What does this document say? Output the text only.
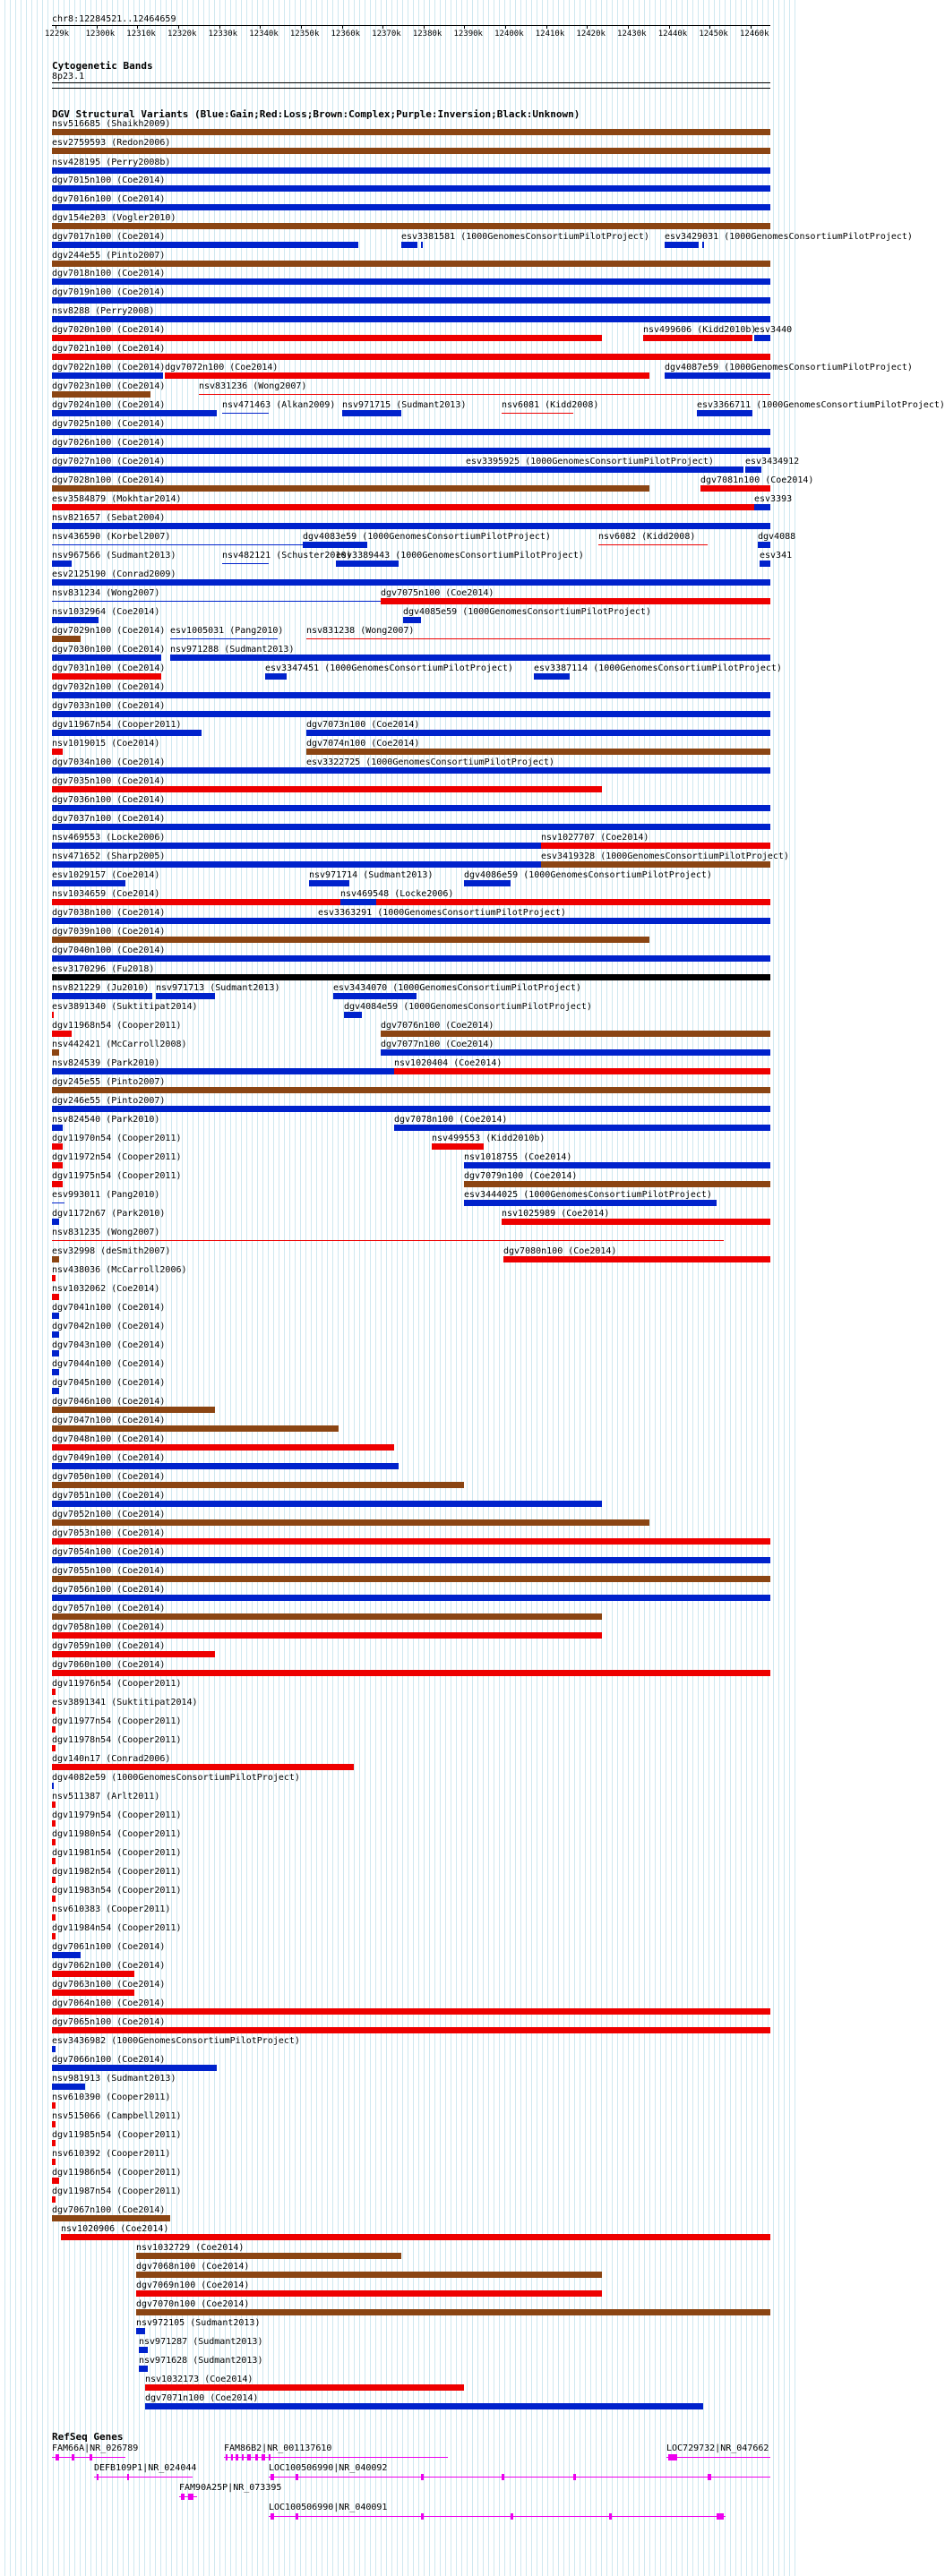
chr8:12284521..12464659
1229k 12300k 12310k 12320k 12330k 12340k 12350k 12360k 12370k 12380k 12390k 12400k 12410k 12420k 12430k 12440k 12450k 12460k
Cytogenetic Bands
8p23.1
DGV Structural Variants (Blue:Gain;Red:Loss;Brown:Complex;Purple:Inversion;Black:Unknown)
nsv516685 (Shaikh2009)
esv2759593 (Redon2006)
nsv428195 (Perry2008b)
dgv7015n100 (Coe2014)
dgv7016n100 (Coe2014)
dgv154e203 (Vogler2010)
dgv7017n100 (Coe2014)	esv3381581 (1000GenomesConsortiumPilotProject) esv3429031 (1000GenomesConsortiumPilotProject)
dgv244e55 (Pinto2007)
dgv7018n100 (Coe2014)
dgv7019n100 (Coe2014)
nsv8288 (Perry2008)
dgv7020n100 (Coe2014)	nsv499606 (Kidd2010b)
esv3440
dgv7021n100 (Coe2014)
dgv7022n100 (Coe2014) dgv7072n100 (Coe2014)	dgv4087e59 (1000GenomesConsortiumPilotProject)
dgv7023n100 (Coe2014)	nsv831236 (Wong2007)
dgv7024n100 (Coe2014)	nsv471463 (Alkan2009) nsv971715 (Sudmant2013)	nsv6081 (Kidd2008)	esv3366711 (1000GenomesConsortiumPilotProject)
dgv7025n100 (Coe2014)
dgv7026n100 (Coe2014)
dgv7027n100 (Coe2014)	esv3395925 (1000GenomesConsortiumPilotProject)	esv3434912
dgv7028n100 (Coe2014)	dgv7081n100 (Coe2014)
esv3584879 (Mokhtar2014)	esv3393
nsv821657 (Sebat2004)
nsv436590 (Korbel2007)	dgv4083e59 (1000GenomesConsortiumPilotProject)	nsv6082 (Kidd2008)	dgv4088
nsv967566 (Sudmant2013)	nsv482121 (Schuster2010)
esv3389443 (1000GenomesConsortiumPilotProject)	esv341
esv2125190 (Conrad2009)
nsv831234 (Wong2007)	dgv7075n100 (Coe2014)
nsv1032964 (Coe2014)	dgv4085e59 (1000GenomesConsortiumPilotProject)
dgv7029n100 (Coe2014) esv1005031 (Pang2010)	nsv831238 (Wong2007)
dgv7030n100 (Coe2014) nsv971288 (Sudmant2013)
dgv7031n100 (Coe2014)	esv3347451 (1000GenomesConsortiumPilotProject) esv3387114 (1000GenomesConsortiumPilotProject)
dgv7032n100 (Coe2014)
dgv7033n100 (Coe2014)
dgv11967n54 (Cooper2011)	dgv7073n100 (Coe2014)
nsv1019015 (Coe2014)	dgv7074n100 (Coe2014)
dgv7034n100 (Coe2014)	esv3322725 (1000GenomesConsortiumPilotProject)
dgv7035n100 (Coe2014)
dgv7036n100 (Coe2014)
dgv7037n100 (Coe2014)
nsv469553 (Locke2006)	nsv1027707 (Coe2014)
nsv471652 (Sharp2005)	esv3419328 (1000GenomesConsortiumPilotProject)
esv1029157 (Coe2014)	nsv971714 (Sudmant2013)	dgv4086e59 (1000GenomesConsortiumPilotProject)
nsv1034659 (Coe2014)	nsv469548 (Locke2006)
dgv7038n100 (Coe2014)	esv3363291 (1000GenomesConsortiumPilotProject)
dgv7039n100 (Coe2014)
dgv7040n100 (Coe2014)
esv3170296 (Fu2018)
nsv821229 (Ju2010) nsv971713 (Sudmant2013)	esv3434070 (1000GenomesConsortiumPilotProject)
esv3891340 (Suktitipat2014)	dgv4084e59 (1000GenomesConsortiumPilotProject)
dgv11968n54 (Cooper2011)	dgv7076n100 (Coe2014)
nsv442421 (McCarroll2008)	dgv7077n100 (Coe2014)
nsv824539 (Park2010)	nsv1020404 (Coe2014)
dgv245e55 (Pinto2007)
dgv246e55 (Pinto2007)
nsv824540 (Park2010)	dgv7078n100 (Coe2014)
dgv11970n54 (Cooper2011)	nsv499553 (Kidd2010b)
dgv11972n54 (Cooper2011)	nsv1018755 (Coe2014)
dgv11975n54 (Cooper2011)	dgv7079n100 (Coe2014)
esv993011 (Pang2010)	esv3444025 (1000GenomesConsortiumPilotProject)
dgv1172n67 (Park2010)	nsv1025989 (Coe2014)
nsv831235 (Wong2007)
esv32998 (deSmith2007)	dgv7080n100 (Coe2014)
nsv438036 (McCarroll2006)
nsv1032062 (Coe2014)
dgv7041n100 (Coe2014)
dgv7042n100 (Coe2014)
dgv7043n100 (Coe2014)
dgv7044n100 (Coe2014)
dgv7045n100 (Coe2014)
dgv7046n100 (Coe2014)
dgv7047n100 (Coe2014)
dgv7048n100 (Coe2014)
dgv7049n100 (Coe2014)
dgv7050n100 (Coe2014)
dgv7051n100 (Coe2014)
dgv7052n100 (Coe2014)
dgv7053n100 (Coe2014)
dgv7054n100 (Coe2014)
dgv7055n100 (Coe2014)
dgv7056n100 (Coe2014)
dgv7057n100 (Coe2014)
dgv7058n100 (Coe2014)
dgv7059n100 (Coe2014)
dgv7060n100 (Coe2014)
dgv11976n54 (Cooper2011)
esv3891341 (Suktitipat2014)
dgv11977n54 (Cooper2011)
dgv11978n54 (Cooper2011)
dgv140n17 (Conrad2006)
dgv4082e59 (1000GenomesConsortiumPilotProject)
nsv511387 (Arlt2011)
dgv11979n54 (Cooper2011)
dgv11980n54 (Cooper2011)
dgv11981n54 (Cooper2011)
dgv11982n54 (Cooper2011)
dgv11983n54 (Cooper2011)
nsv610383 (Cooper2011)
dgv11984n54 (Cooper2011)
dgv7061n100 (Coe2014)
dgv7062n100 (Coe2014)
dgv7063n100 (Coe2014)
dgv7064n100 (Coe2014)
dgv7065n100 (Coe2014)
esv3436982 (1000GenomesConsortiumPilotProject)
dgv7066n100 (Coe2014)
nsv981913 (Sudmant2013)
nsv610390 (Cooper2011)
nsv515066 (Campbell2011)
dgv11985n54 (Cooper2011)
nsv610392 (Cooper2011)
dgv11986n54 (Cooper2011)
dgv11987n54 (Cooper2011)
dgv7067n100 (Coe2014)
nsv1020906 (Coe2014)
nsv1032729 (Coe2014)
dgv7068n100 (Coe2014)
dgv7069n100 (Coe2014)
dgv7070n100 (Coe2014)
nsv972105 (Sudmant2013)
nsv971287 (Sudmant2013)
nsv971628 (Sudmant2013)
nsv1032173 (Coe2014)
dgv7071n100 (Coe2014)
RefSeq Genes
FAM66A|NR_026789	FAM86B2|NR_001137610	LOC729732|NR_047662
DEFB109P1|NR_024044	LOC100506990|NR_040092
FAM90A25P|NR_073395
LOC100506990|NR_040091
